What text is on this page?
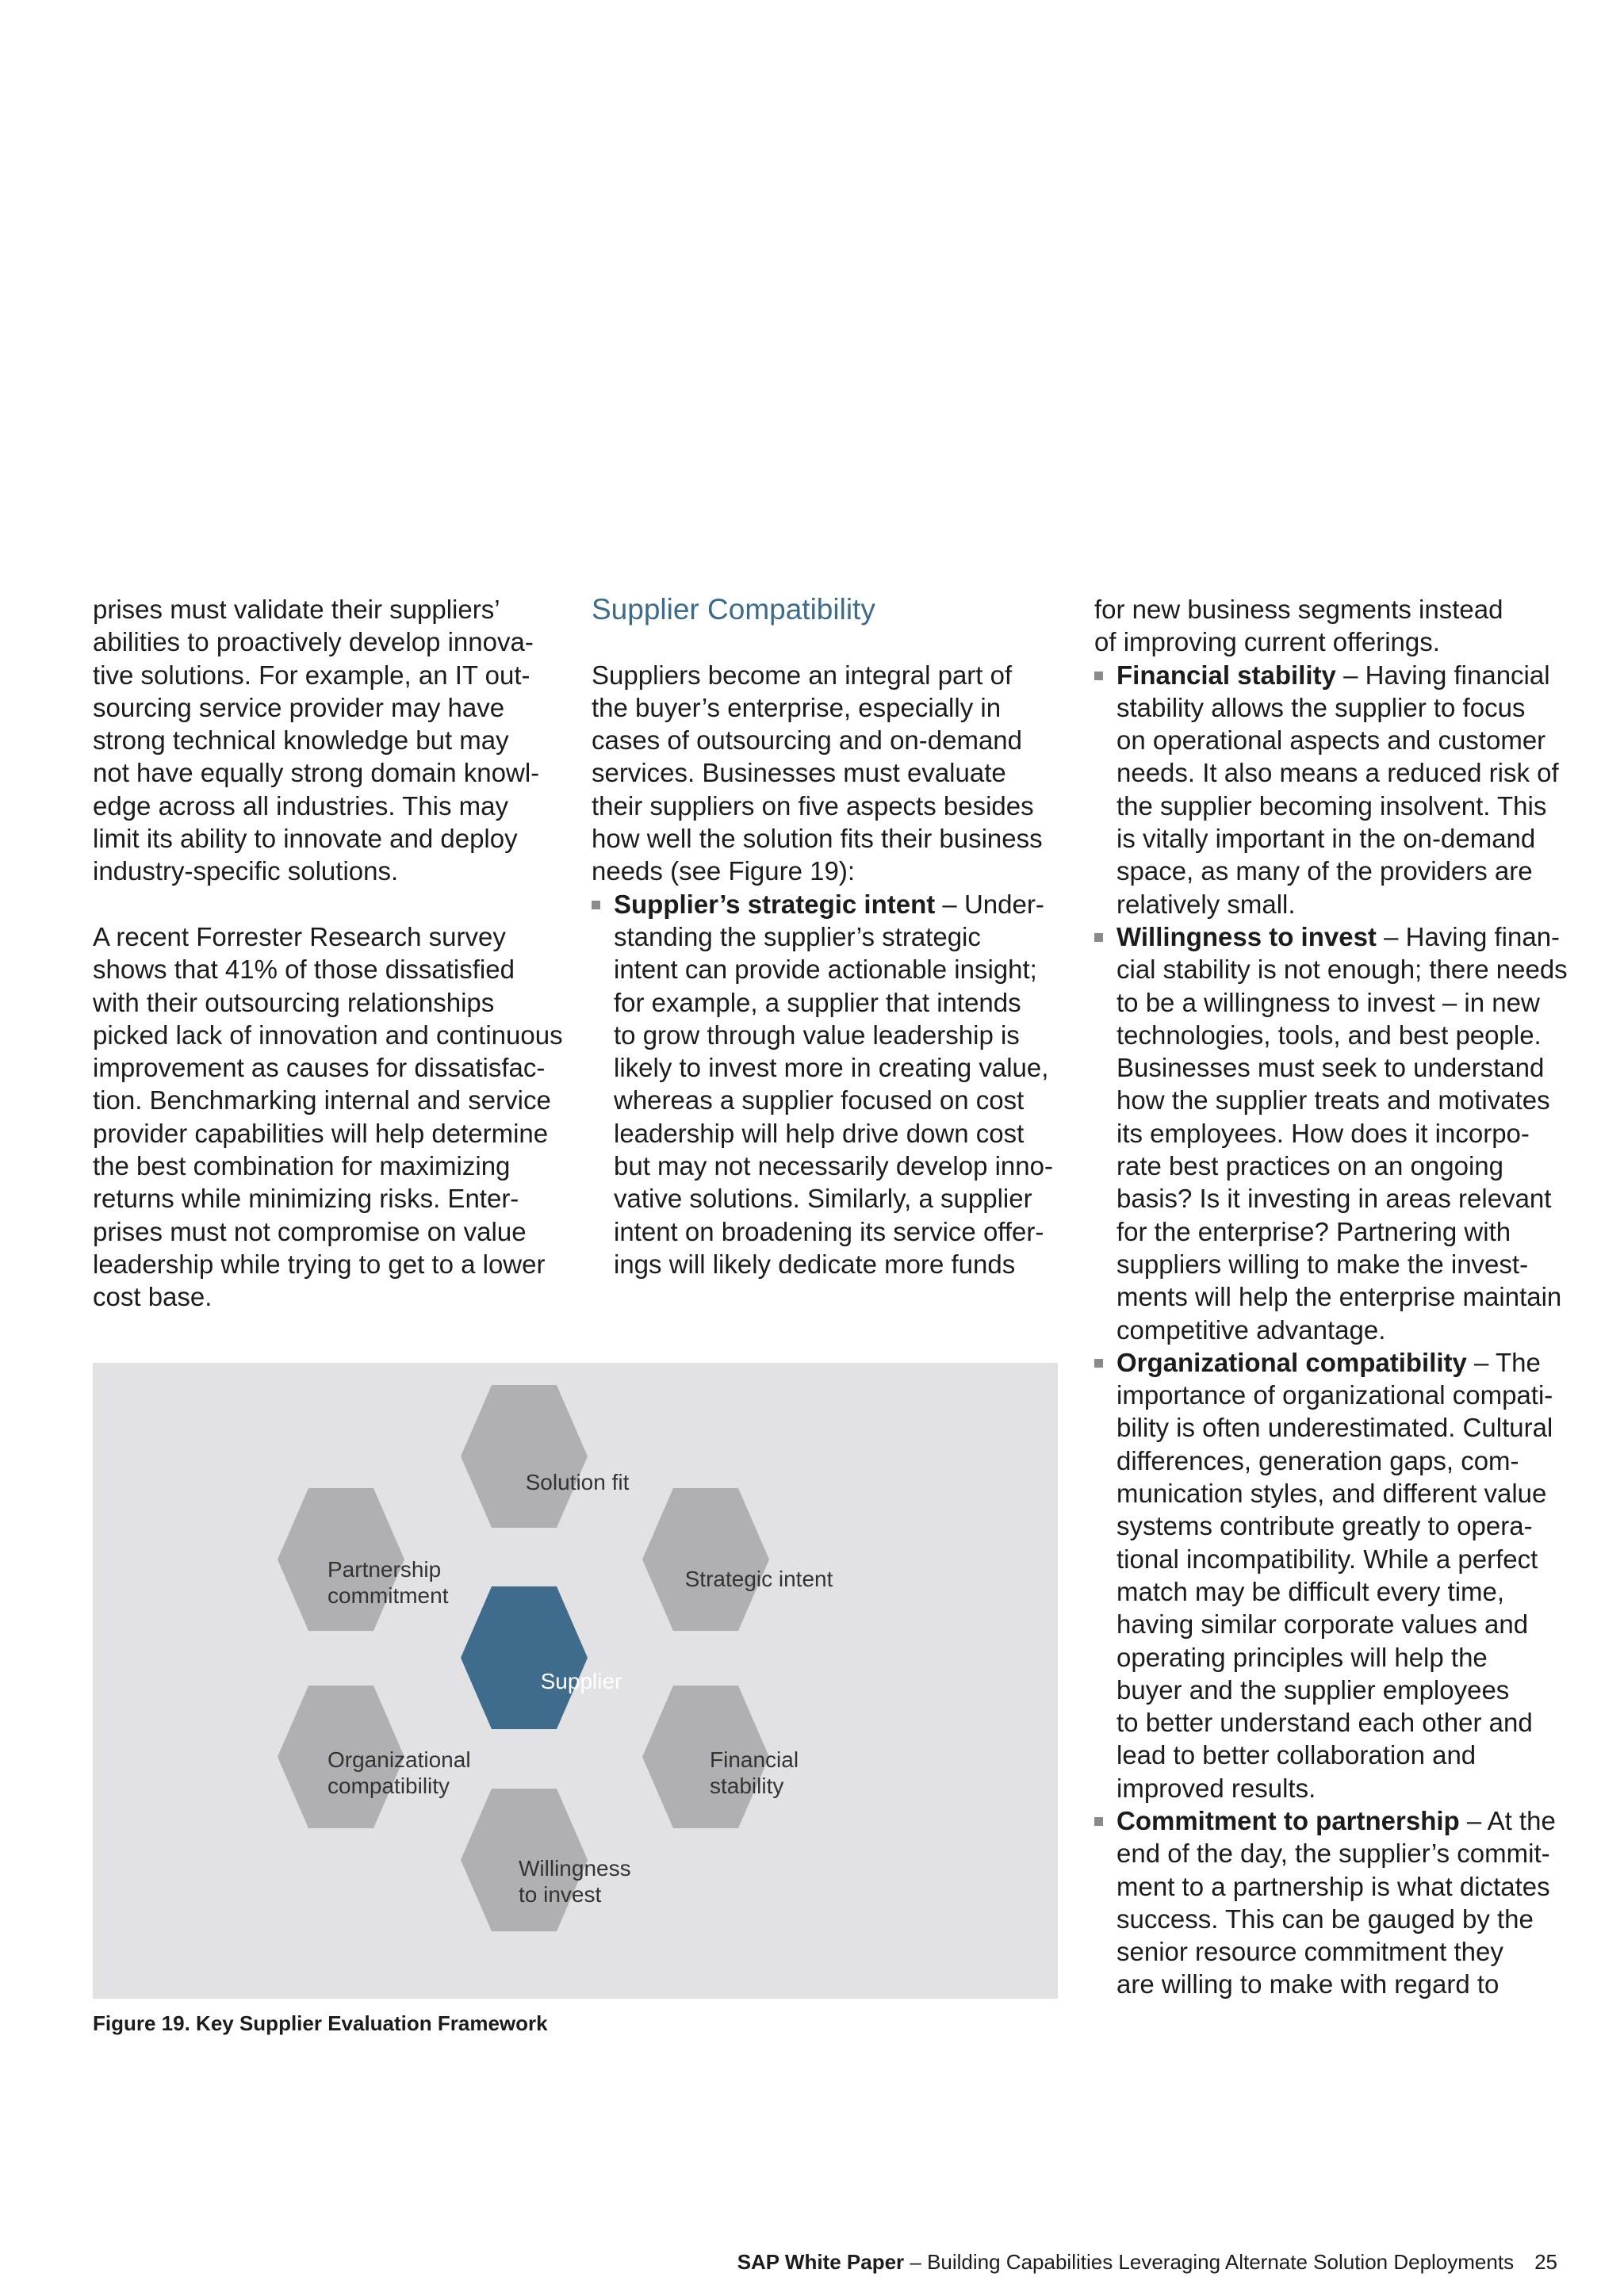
prises must validate their suppliers’
abilities to proactively develop innova-
tive solutions. For example, an IT out-
sourcing service provider may have
strong technical knowledge but may
not have equally strong domain knowl-
edge across all industries. This may
limit its ability to innovate and deploy
industry-specific solutions.

A recent Forrester Research survey
shows that 41% of those dissatisfied
with their outsourcing relationships
picked lack of innovation and continuous
improvement as causes for dissatisfac-
tion. Benchmarking internal and service
provider capabilities will help determine
the best combination for maximizing
returns while minimizing risks. Enter-
prises must not compromise on value
leadership while trying to get to a lower
cost base.

Supplier Compatibility

Suppliers become an integral part of
the buyer’s enterprise, especially in
cases of outsourcing and on-demand
services. Businesses must evaluate
their suppliers on five aspects besides
how well the solution fits their business
needs (see Figure 19):

Supplier’s strategic intent – Under-
standing the supplier’s strategic
intent can provide actionable insight;
for example, a supplier that intends
to grow through value leadership is
likely to invest more in creating value,
whereas a supplier focused on cost
leadership will help drive down cost
but may not necessarily develop inno-
vative solutions. Similarly, a supplier
intent on broadening its service offer-
ings will likely dedicate more funds

for new business segments instead
of improving current offerings.

Financial stability – Having financial
stability allows the supplier to focus
on operational aspects and customer
needs. It also means a reduced risk of
the supplier becoming insolvent. This
is vitally important in the on-demand
space, as many of the providers are
relatively small.
Willingness to invest – Having finan-
cial stability is not enough; there needs
to be a willingness to invest – in new
technologies, tools, and best people.
Businesses must seek to understand
how the supplier treats and motivates
its employees. How does it incorpo-
rate best practices on an ongoing
basis? Is it investing in areas relevant
for the enterprise? Partnering with
suppliers willing to make the invest-
ments will help the enterprise maintain
competitive advantage.
Organizational compatibility – The
importance of organizational compati-
bility is often underestimated. Cultural
differences, generation gaps, com-
munication styles, and different value
systems contribute greatly to opera-
tional incompatibility. While a perfect
match may be difficult every time,
having similar corporate values and
operating principles will help the
buyer and the supplier employees
to better understand each other and
lead to better collaboration and
improved results.
Commitment to partnership – At the
end of the day, the supplier’s commit-
ment to a partnership is what dictates
success. This can be gauged by the
senior resource commitment they
are willing to make with regard to
Solution fit
Strategic intent
Financial
stability
Willingness
to invest
Organizational
compatibility
Partnership
commitment
Supplier
Figure 19. Key Supplier Evaluation Framework
SAP White Paper – Building Capabilities Leveraging Alternate Solution Deployments 25
